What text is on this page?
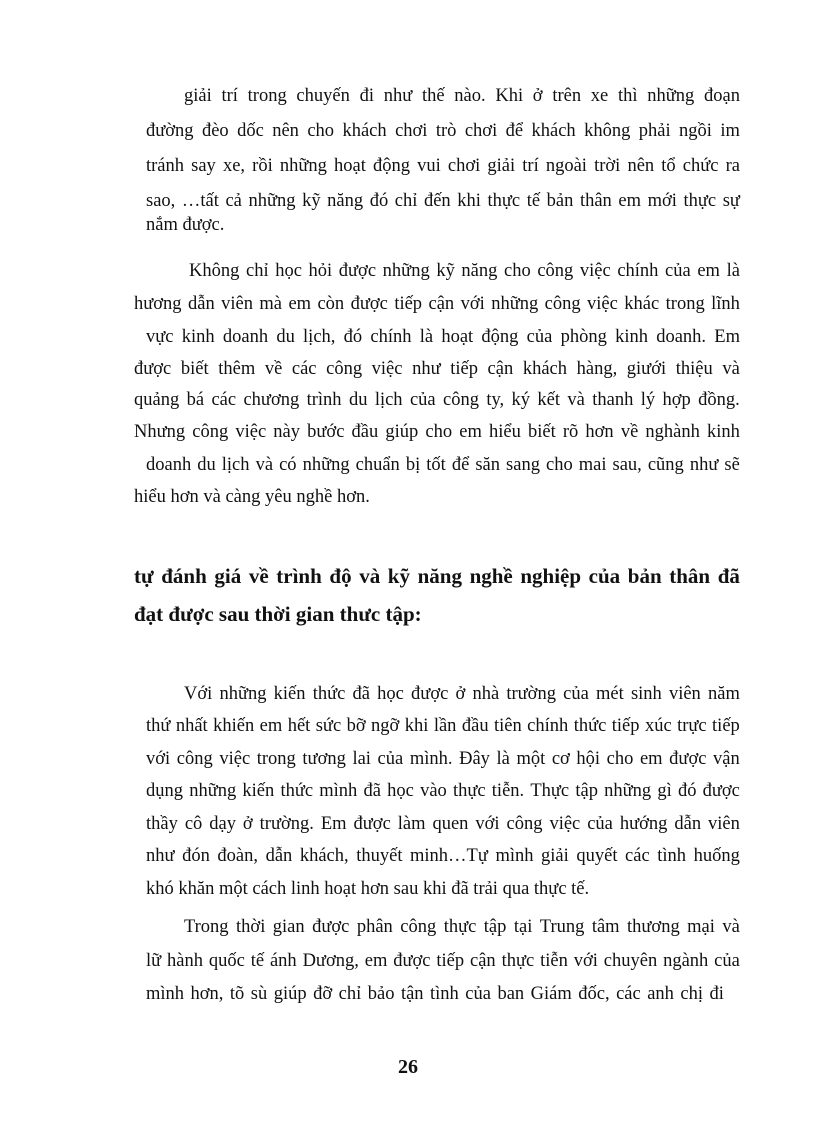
giải trí trong chuyến đi như thế nào. Khi ở trên xe thì những đoạn
đường đèo dốc nên cho khách chơi trò chơi để khách không phải ngồi im
tránh say xe, rồi những hoạt động vui chơi giải trí ngoài trời nên tổ chức ra
sao, …tất cả những kỹ năng đó chỉ đến khi thực tế bản thân em mới thực sự
nắm được.
Không chỉ học hỏi được những kỹ năng cho công việc chính của em là
hương dẫn viên mà em còn được tiếp cận với những công việc khác trong lĩnh
vực kinh doanh du lịch, đó chính là hoạt động của phòng kinh doanh. Em
được biết thêm về các công việc như tiếp cận khách hàng, giưới thiệu và
quảng bá các chương trình du lịch của công ty, ký kết và thanh lý hợp đồng.
Nhưng công việc này bước đầu giúp cho em hiểu biết rõ hơn về nghành kinh
doanh du lịch và có những chuẩn bị tốt để săn sang cho mai sau, cũng như sẽ
hiểu hơn và càng yêu nghề hơn.
tự đánh giá về trình độ và kỹ năng nghề nghiệp của bản thân đã
đạt được sau thời gian thưc tập:
Với những kiến thức đã học được ở nhà trường của mét sinh viên năm
thứ nhất khiến em hết sức bỡ ngỡ khi lần đầu tiên chính thức tiếp xúc trực tiếp
với công việc trong tương lai của mình. Đây là một cơ hội cho em được vận
dụng những kiến thức mình đã học vào thực tiễn. Thực tập những gì đó được
thầy cô dạy ở trường. Em được làm quen với công việc của hướng dẫn viên
như đón đoàn, dẫn khách, thuyết minh…Tự mình giải quyết các tình huống
khó khăn một cách linh hoạt hơn sau khi đã trải qua thực tế.
Trong thời gian được phân công thực tập tại Trung tâm thương mại và
lữ hành quốc tế ánh Dương, em được tiếp cận thực tiễn với chuyên ngành của
mình hơn, tõ sù giúp đỡ chỉ bảo tận tình của ban Giám đốc, các anh chị đi
26
